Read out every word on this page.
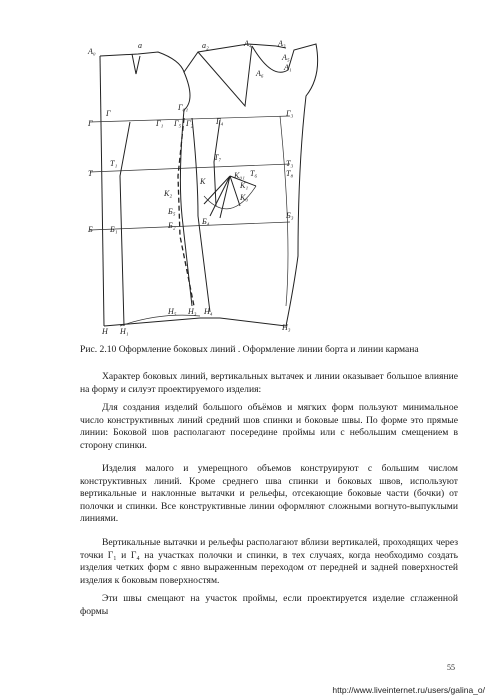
A₀
a	a₂	A₄	A₃
A₅
A₁
A₆
Г₆₁
Г
Г
Г₁ Г₅ Г₂	Г₄
Г₃
Т
Т₁
Т₇
Т₃
Т₈
Т₆
К
К₀₁
К₁
К₂	К₀
Б Б₁
Б₅
Б₂	Б₄
Б₃
Н Н₁
Н₅ Н₃ Н₄
Н₃
Рис. 2.10 Оформление боковых линий . Оформление линии борта и линии кармана
Характер боковых линий, вертикальных вытачек и линии оказывает большое влияние на форму и силуэт проектируемого изделия:
Для создания изделий большого объёмов и мягких форм пользуют минимальное число конструктивных линий средний шов спинки и боковые швы. По форме это прямые линии: Боковой шов располагают посередине проймы или с небольшим смещением в сторону спинки.
Изделия малого и умерещного объемов конструируют с большим числом конструктивных линий. Кроме среднего шва спинки и боковых швов, используют вертикальные и наклонные вытачки и рельефы, отсекающие боковые части (бочки) от полочки и спинки. Все конструктивные линии оформляют сложными вогнуто-выпуклыми линиями.
Вертикальные вытачки и рельефы располагают вблизи вертикалей, проходящих через точки Г₁ и Г₄ на участках полочки и спинки, в тех случаях, когда необходимо создать изделия четких форм с явно выраженным переходом от передней и задней поверхностей изделия к боковым поверхностям.
Эти швы смещают на участок проймы, если проектируется изделие сглаженной формы
55
http://www.liveinternet.ru/users/galina_o/
